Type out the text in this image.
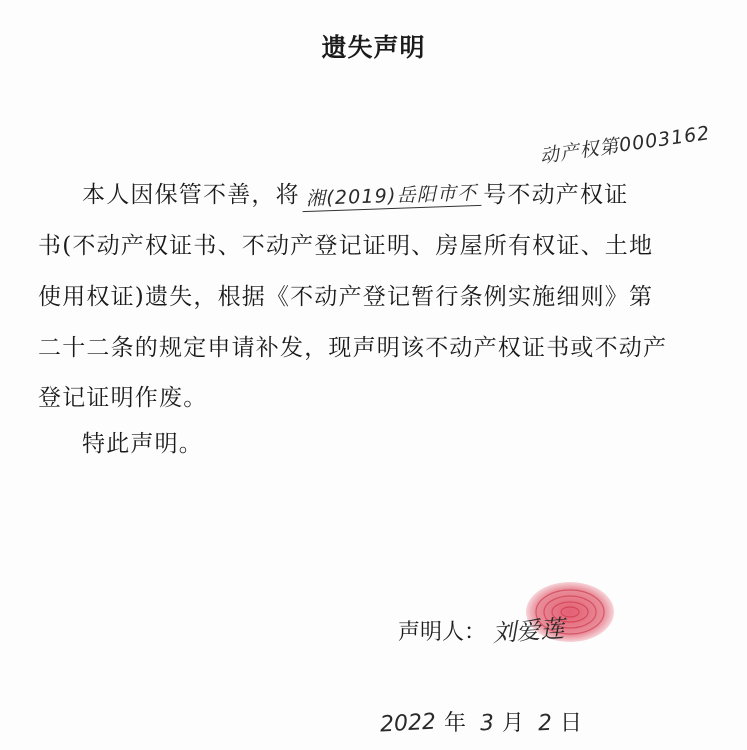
遗失声明
动产权第0003162
本人因保管不善，将 湘(2019)岳阳市不 号不动产权证
书(不动产权证书、不动产登记证明、房屋所有权证、土地
使用权证)遗失，根据《不动产登记暂行条例实施细则》第
二十二条的规定申请补发，现声明该不动产权证书或不动产
登记证明作废。
特此声明。
声明人： 刘爱莲
2022 年 3 月 2 日
